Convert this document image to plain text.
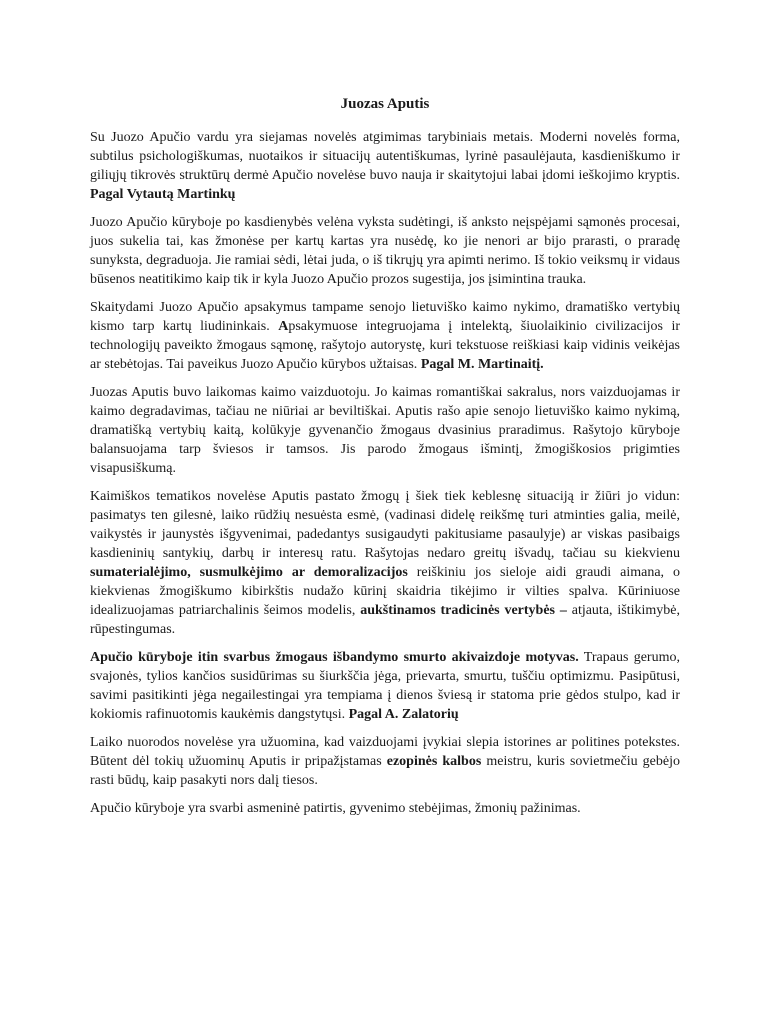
Juozas Aputis

Su Juozo Apučio vardu yra siejamas novelės atgimimas tarybiniais metais. Moderni novelės forma, subtilus psichologiškumas, nuotaikos ir situacijų autentiškumas, lyrinė pasaulėjauta, kasdieniškumo ir giliųjų tikrovės struktūrų dermė Apučio novelėse buvo nauja ir skaitytojui labai įdomi ieškojimo kryptis. Pagal Vytautą Martinkų

Juozo Apučio kūryboje po kasdienybės velėna vyksta sudėtingi, iš anksto neįspėjami sąmonės procesai, juos sukelia tai, kas žmonėse per kartų kartas yra nusėdę, ko jie nenori ar bijo prarasti, o praradę sunyksta, degraduoja. Jie ramiai sėdi, lėtai juda, o iš tikrųjų yra apimti nerimo. Iš tokio veiksmų ir vidaus būsenos neatitikimo kaip tik ir kyla Juozo Apučio prozos sugestija, jos įsimintina trauka.

Skaitydami Juozo Apučio apsakymus tampame senojo lietuviško kaimo nykimo, dramatiško vertybių kismo tarp kartų liudininkais. Apsakymuose integruojama į intelektą, šiuolaikinio civilizacijos ir technologijų paveikto žmogaus sąmonę, rašytojo autorystę, kuri tekstuose reiškiasi kaip vidinis veikėjas ar stebėtojas. Tai paveikus Juozo Apučio kūrybos užtaisas. Pagal M. Martinaitį.

Juozas Aputis buvo laikomas kaimo vaizduotoju. Jo kaimas romantiškai sakralus, nors vaizduojamas ir kaimo degradavimas, tačiau ne niūriai ar beviltiškai. Aputis rašo apie senojo lietuviško kaimo nykimą, dramatišką vertybių kaitą, kolūkyje gyvenančio žmogaus dvasinius praradimus. Rašytojo kūryboje balansuojama tarp šviesos ir tamsos. Jis parodo žmogaus išmintį, žmogiškosios prigimties visapusiškumą.

Kaimiškos tematikos novelėse Aputis pastato žmogų į šiek tiek keblesnę situaciją ir žiūri jo vidun: pasimatys ten gilesnė, laiko rūdžių nesuėsta esmė, (vadinasi didelę reikšmę turi atminties galia, meilė, vaikystės ir jaunystės išgyvenimai, padedantys susigaudyti pakitusiame pasaulyje) ar viskas pasibaigs kasdieninių santykių, darbų ir interesų ratu. Rašytojas nedaro greitų išvadų, tačiau su kiekvienu sumaterialėjimo, susmulkėjimo ar demoralizacijos reiškiniu jos sieloje aidi graudi aimana, o kiekvienas žmogiškumo kibirkštis nudažo kūrinį skaidria tikėjimo ir vilties spalva. Kūriniuose idealizuojamas patriarchalinis šeimos modelis, aukštinamos tradicinės vertybės – atjauta, ištikimybė, rūpestingumas.

Apučio kūryboje itin svarbus žmogaus išbandymo smurto akivaizdoje motyvas. Trapaus gerumo, svajonės, tylios kančios susidūrimas su šiurkščia jėga, prievarta, smurtu, tuščiu optimizmu. Pasipūtusi, savimi pasitikinti jėga negailestingai yra tempiama į dienos šviesą ir statoma prie gėdos stulpo, kad ir kokiomis rafinuotomis kaukėmis dangstytųsi. Pagal A. Zalatorių

Laiko nuorodos novelėse yra užuomina, kad vaizduojami įvykiai slepia istorines ar politines potekstes. Būtent dėl tokių užuominų Aputis ir pripažįstamas ezopinės kalbos meistru, kuris sovietmečiu gebėjo rasti būdų, kaip pasakyti nors dalį tiesos.

Apučio kūryboje yra svarbi asmeninė patirtis, gyvenimo stebėjimas, žmonių pažinimas.
